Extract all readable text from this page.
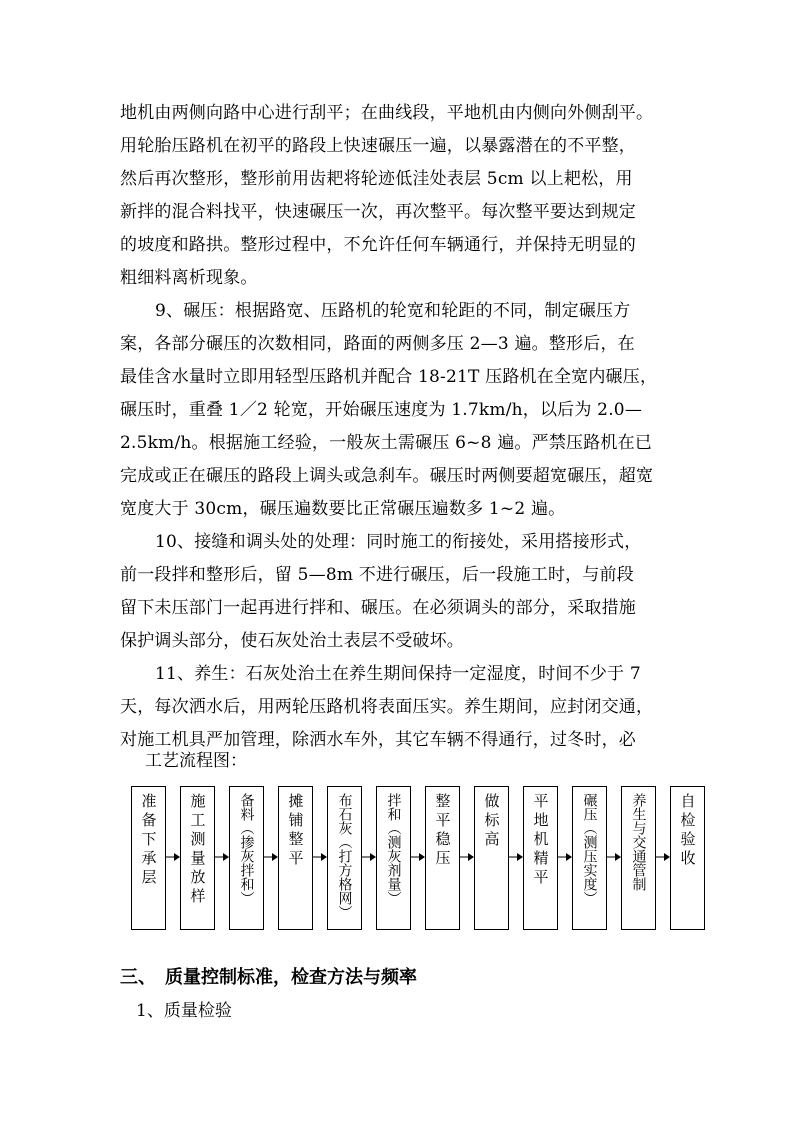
地机由两侧向路中心进行刮平；在曲线段，平地机由内侧向外侧刮平。
用轮胎压路机在初平的路段上快速碾压一遍，以暴露潜在的不平整，
然后再次整形，整形前用齿耙将轮迹低洼处表层 5cm 以上耙松，用
新拌的混合料找平，快速碾压一次，再次整平。每次整平要达到规定
的坡度和路拱。整形过程中，不允许任何车辆通行，并保持无明显的
粗细料离析现象。
9、碾压：根据路宽、压路机的轮宽和轮距的不同，制定碾压方
案，各部分碾压的次数相同，路面的两侧多压 2—3 遍。整形后，在
最佳含水量时立即用轻型压路机并配合 18-21T 压路机在全宽内碾压，
碾压时，重叠 1／2 轮宽，开始碾压速度为 1.7km/h，以后为 2.0—
2.5km/h。根据施工经验，一般灰土需碾压 6~8 遍。严禁压路机在已
完成或正在碾压的路段上调头或急刹车。碾压时两侧要超宽碾压，超宽
宽度大于 30cm，碾压遍数要比正常碾压遍数多 1~2 遍。
10、接缝和调头处的处理：同时施工的衔接处，采用搭接形式，
前一段拌和整形后，留 5—8m 不进行碾压，后一段施工时，与前段
留下未压部门一起再进行拌和、碾压。在必须调头的部分，采取措施
保护调头部分，使石灰处治土表层不受破坏。
11、养生：石灰处治土在养生期间保持一定湿度，时间不少于 7
天，每次洒水后，用两轮压路机将表面压实。养生期间，应封闭交通，
对施工机具严加管理，除洒水车外，其它车辆不得通行，过冬时，必
工艺流程图：
准备下承层 施工测量放样 备料（掺灰拌和） 摊铺整平 布石灰（打方格网） 拌和（测灰剂量） 整平稳压 做标高 平地机精平 碾压（测压实度） 养生与交通管制 自检验收
三、　质量控制标准，检查方法与频率
1、质量检验
